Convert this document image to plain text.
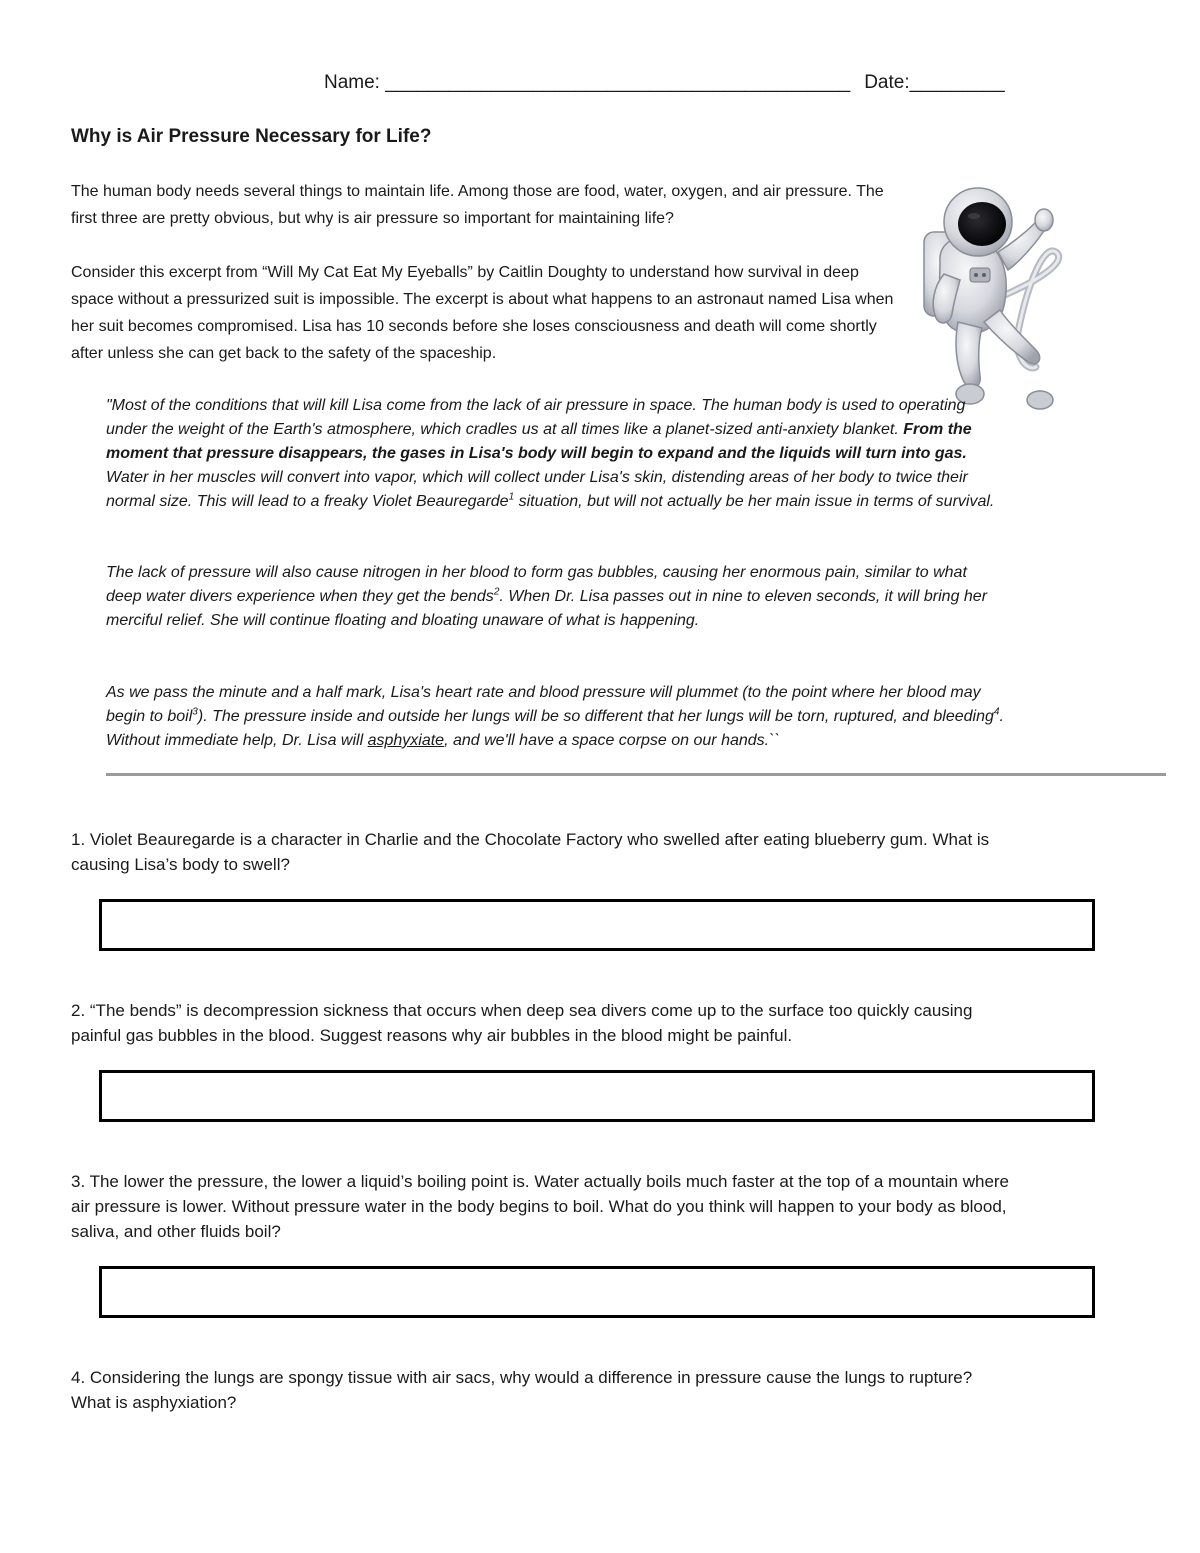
Name: ____________________________________________ Date:_________
Why is Air Pressure Necessary for Life?

The human body needs several things to maintain life. Among those are food, water, oxygen, and air pressure. The first three are pretty obvious, but why is air pressure so important for maintaining life?

Consider this excerpt from “Will My Cat Eat My Eyeballs” by Caitlin Doughty to understand how survival in deep space without a pressurized suit is impossible. The excerpt is about what happens to an astronaut named Lisa when her suit becomes compromised. Lisa has 10 seconds before she loses consciousness and death will come shortly after unless she can get back to the safety of the spaceship.

"Most of the conditions that will kill Lisa come from the lack of air pressure in space. The human body is used to operating under the weight of the Earth's atmosphere, which cradles us at all times like a planet-sized anti-anxiety blanket. From the moment that pressure disappears, the gases in Lisa's body will begin to expand and the liquids will turn into gas. Water in her muscles will convert into vapor, which will collect under Lisa's skin, distending areas of her body to twice their normal size. This will lead to a freaky Violet Beauregarde$^1$ situation, but will not actually be her main issue in terms of survival.

The lack of pressure will also cause nitrogen in her blood to form gas bubbles, causing her enormous pain, similar to what deep water divers experience when they get the bends$^2$. When Dr. Lisa passes out in nine to eleven seconds, it will bring her merciful relief. She will continue floating and bloating unaware of what is happening.

As we pass the minute and a half mark, Lisa's heart rate and blood pressure will plummet (to the point where her blood may begin to boil$^3$). The pressure inside and outside her lungs will be so different that her lungs will be torn, ruptured, and bleeding$^4$. Without immediate help, Dr. Lisa will asphyxiate, and we'll have a space corpse on our hands.``

1. Violet Beauregarde is a character in Charlie and the Chocolate Factory who swelled after eating blueberry gum. What is causing Lisa’s body to swell?

2. “The bends” is decompression sickness that occurs when deep sea divers come up to the surface too quickly causing painful gas bubbles in the blood. Suggest reasons why air bubbles in the blood might be painful.

3. The lower the pressure, the lower a liquid’s boiling point is. Water actually boils much faster at the top of a mountain where air pressure is lower. Without pressure water in the body begins to boil. What do you think will happen to your body as blood, saliva, and other fluids boil?

4. Considering the lungs are spongy tissue with air sacs, why would a difference in pressure cause the lungs to rupture? What is asphyxiation?
